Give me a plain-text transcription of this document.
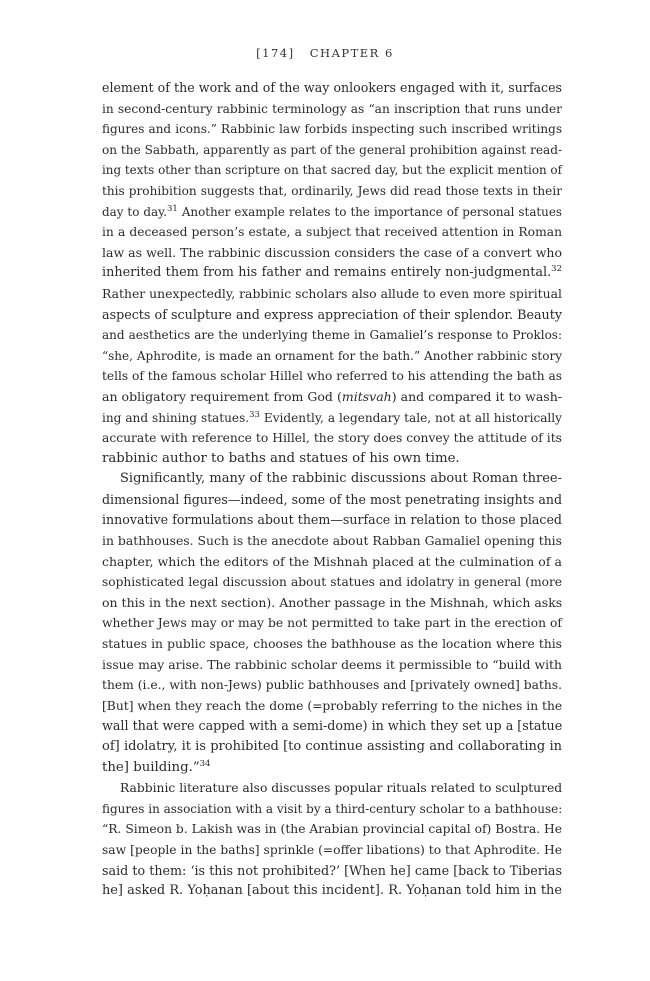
[174] CHAPTER 6
element of the work and of the way onlookers engaged with it, surfaces
in second-century rabbinic terminology as “an inscription that runs under
figures and icons.” Rabbinic law forbids inspecting such inscribed writings
on the Sabbath, apparently as part of the general prohibition against read-
ing texts other than scripture on that sacred day, but the explicit mention of
this prohibition suggests that, ordinarily, Jews did read those texts in their
day to day.$^{31}$ Another example relates to the importance of personal statues
in a deceased person’s estate, a subject that received attention in Roman
law as well. The rabbinic discussion considers the case of a convert who
inherited them from his father and remains entirely non-judgmental.$^{32}$
Rather unexpectedly, rabbinic scholars also allude to even more spiritual
aspects of sculpture and express appreciation of their splendor. Beauty
and aesthetics are the underlying theme in Gamaliel’s response to Proklos:
“she, Aphrodite, is made an ornament for the bath.” Another rabbinic story
tells of the famous scholar Hillel who referred to his attending the bath as
an obligatory requirement from God (mitsvah) and compared it to wash-
ing and shining statues.$^{33}$ Evidently, a legendary tale, not at all historically
accurate with reference to Hillel, the story does convey the attitude of its
rabbinic author to baths and statues of his own time.
Significantly, many of the rabbinic discussions about Roman three-
dimensional figures—indeed, some of the most penetrating insights and
innovative formulations about them—surface in relation to those placed
in bathhouses. Such is the anecdote about Rabban Gamaliel opening this
chapter, which the editors of the Mishnah placed at the culmination of a
sophisticated legal discussion about statues and idolatry in general (more
on this in the next section). Another passage in the Mishnah, which asks
whether Jews may or may be not permitted to take part in the erection of
statues in public space, chooses the bathhouse as the location where this
issue may arise. The rabbinic scholar deems it permissible to “build with
them (i.e., with non-Jews) public bathhouses and [privately owned] baths.
[But] when they reach the dome (=probably referring to the niches in the
wall that were capped with a semi-dome) in which they set up a [statue
of] idolatry, it is prohibited [to continue assisting and collaborating in
the] building.”$^{34}$
Rabbinic literature also discusses popular rituals related to sculptured
figures in association with a visit by a third-century scholar to a bathhouse:
“R. Simeon b. Lakish was in (the Arabian provincial capital of) Bostra. He
saw [people in the baths] sprinkle (=offer libations) to that Aphrodite. He
said to them: ‘is this not prohibited?’ [When he] came [back to Tiberias
he] asked R. Yoḥanan [about this incident]. R. Yoḥanan told him in the
